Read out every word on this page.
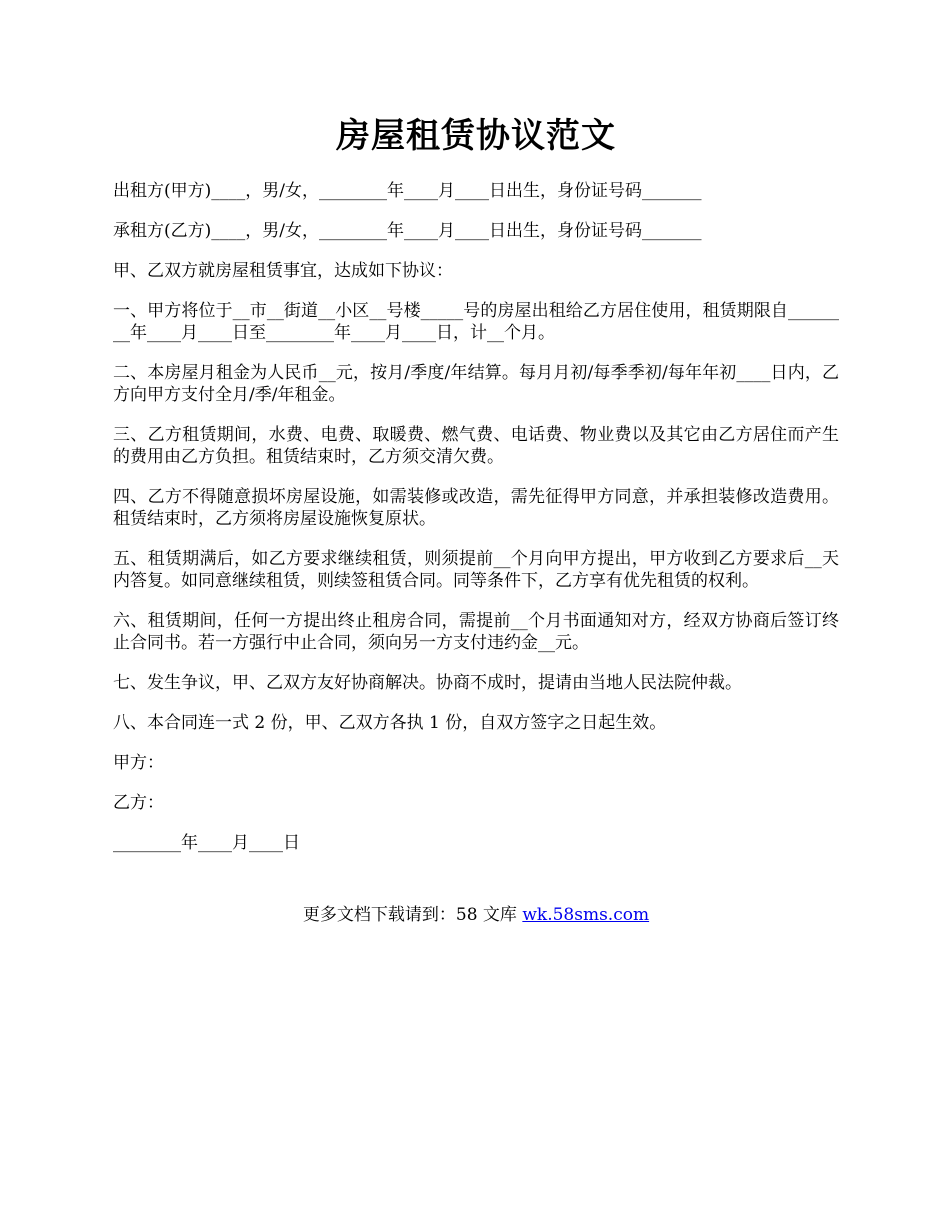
房屋租赁协议范文

出租方(甲方)____，男/女，________年____月____日出生，身份证号码_______

承租方(乙方)____，男/女，________年____月____日出生，身份证号码_______

甲、乙双方就房屋租赁事宜，达成如下协议：

一、甲方将位于__市__街道__小区__号楼_____号的房屋出租给乙方居住使用，租赁期限自________年____月____日至________年____月____日，计__个月。

二、本房屋月租金为人民币__元，按月/季度/年结算。每月月初/每季季初/每年年初____日内，乙方向甲方支付全月/季/年租金。

三、乙方租赁期间，水费、电费、取暖费、燃气费、电话费、物业费以及其它由乙方居住而产生的费用由乙方负担。租赁结束时，乙方须交清欠费。

四、乙方不得随意损坏房屋设施，如需装修或改造，需先征得甲方同意，并承担装修改造费用。租赁结束时，乙方须将房屋设施恢复原状。

五、租赁期满后，如乙方要求继续租赁，则须提前__个月向甲方提出，甲方收到乙方要求后__天内答复。如同意继续租赁，则续签租赁合同。同等条件下，乙方享有优先租赁的权利。

六、租赁期间，任何一方提出终止租房合同，需提前__个月书面通知对方，经双方协商后签订终止合同书。若一方强行中止合同，须向另一方支付违约金__元。

七、发生争议，甲、乙双方友好协商解决。协商不成时，提请由当地人民法院仲裁。

八、本合同连一式 2 份，甲、乙双方各执 1 份，自双方签字之日起生效。

甲方：

乙方：

________年____月____日

更多文档下载请到：58 文库 wk.58sms.com
